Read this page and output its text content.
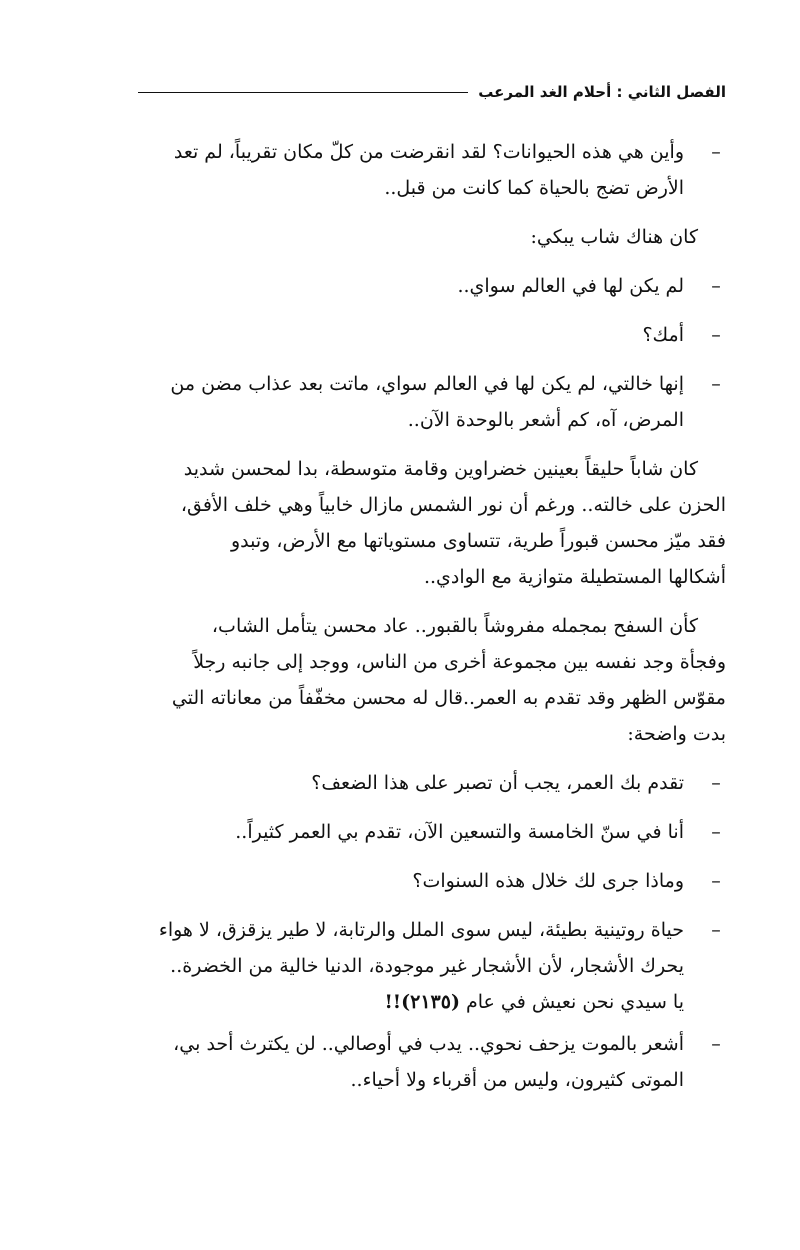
الفصل الثاني : أحلام الغد المرعب
–
وأين هي هذه الحيوانات؟ لقد انقرضت من كلّ مكان تقريباً، لم تعد
الأرض تضج بالحياة كما كانت من قبل..
كان هناك شاب يبكي:
–
لم يكن لها في العالم سواي..
–
أمك؟
–
إنها خالتي، لم يكن لها في العالم سواي، ماتت بعد عذاب مضن من
المرض، آه، كم أشعر بالوحدة الآن..
كان شاباً حليقاً بعينين خضراوين وقامة متوسطة، بدا لمحسن شديد
الحزن على خالته.. ورغم أن نور الشمس مازال خابياً وهي خلف الأفق،
فقد ميّز محسن قبوراً طرية، تتساوى مستوياتها مع الأرض، وتبدو
أشكالها المستطيلة متوازية مع الوادي..
كأن السفح بمجمله مفروشاً بالقبور.. عاد محسن يتأمل الشاب،
وفجأة وجد نفسه بين مجموعة أخرى من الناس، ووجد إلى جانبه رجلاً
مقوّس الظهر وقد تقدم به العمر..قال له محسن مخفّفاً من معاناته التي
بدت واضحة:
–
تقدم بك العمر، يجب أن تصبر على هذا الضعف؟
–
أنا في سنّ الخامسة والتسعين الآن، تقدم بي العمر كثيراً..
–
وماذا جرى لك خلال هذه السنوات؟
–
حياة روتينية بطيئة، ليس سوى الملل والرتابة، لا طير يزقزق، لا هواء
يحرك الأشجار، لأن الأشجار غير موجودة، الدنيا خالية من الخضرة..
يا سيدي نحن نعيش في عام (٢١٣٥)!!
–
أشعر بالموت يزحف نحوي.. يدب في أوصالي.. لن يكترث أحد بي،
الموتى كثيرون، وليس من أقرباء ولا أحياء..
